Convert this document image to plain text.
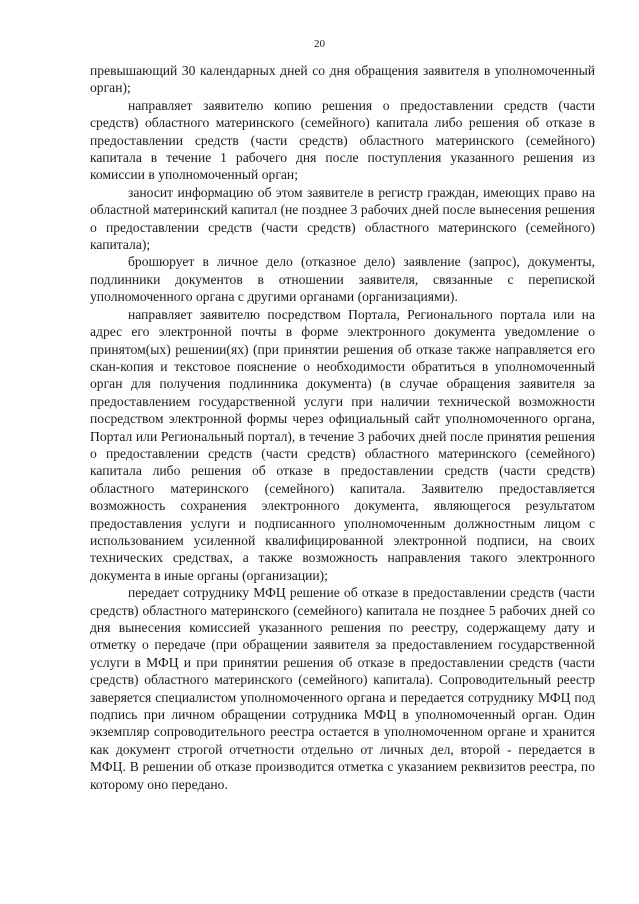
20

превышающий 30 календарных дней со дня обращения заявителя в уполномоченный орган);

направляет заявителю копию решения о предоставлении средств (части средств) областного материнского (семейного) капитала либо решения об отказе в предоставлении средств (части средств) областного материнского (семейного) капитала в течение 1 рабочего дня после поступления указанного решения из комиссии в уполномоченный орган;

заносит информацию об этом заявителе в регистр граждан, имеющих право на областной материнский капитал (не позднее 3 рабочих дней после вынесения решения о предоставлении средств (части средств) областного материнского (семейного) капитала);

брошюрует в личное дело (отказное дело) заявление (запрос), документы, подлинники документов в отношении заявителя, связанные с перепиской уполномоченного органа с другими органами (организациями).

направляет заявителю посредством Портала, Регионального портала или на адрес его электронной почты в форме электронного документа уведомление о принятом(ых) решении(ях) (при принятии решения об отказе также направляется его скан-копия и текстовое пояснение о необходимости обратиться в уполномоченный орган для получения подлинника документа) (в случае обращения заявителя за предоставлением государственной услуги при наличии технической возможности посредством электронной формы через официальный сайт уполномоченного органа, Портал или Региональный портал), в течение 3 рабочих дней после принятия решения о предоставлении средств (части средств) областного материнского (семейного) капитала либо решения об отказе в предоставлении средств (части средств) областного материнского (семейного) капитала. Заявителю предоставляется возможность сохранения электронного документа, являющегося результатом предоставления услуги и подписанного уполномоченным должностным лицом с использованием усиленной квалифицированной электронной подписи, на своих технических средствах, а также возможность направления такого электронного документа в иные органы (организации);

передает сотруднику МФЦ решение об отказе в предоставлении средств (части средств) областного материнского (семейного) капитала не позднее 5 рабочих дней со дня вынесения комиссией указанного решения по реестру, содержащему дату и отметку о передаче (при обращении заявителя за предоставлением государственной услуги в МФЦ и при принятии решения об отказе в предоставлении средств (части средств) областного материнского (семейного) капитала). Сопроводительный реестр заверяется специалистом уполномоченного органа и передается сотруднику МФЦ под подпись при личном обращении сотрудника МФЦ в уполномоченный орган. Один экземпляр сопроводительного реестра остается в уполномоченном органе и хранится как документ строгой отчетности отдельно от личных дел, второй - передается в МФЦ. В решении об отказе производится отметка с указанием реквизитов реестра, по которому оно передано.
